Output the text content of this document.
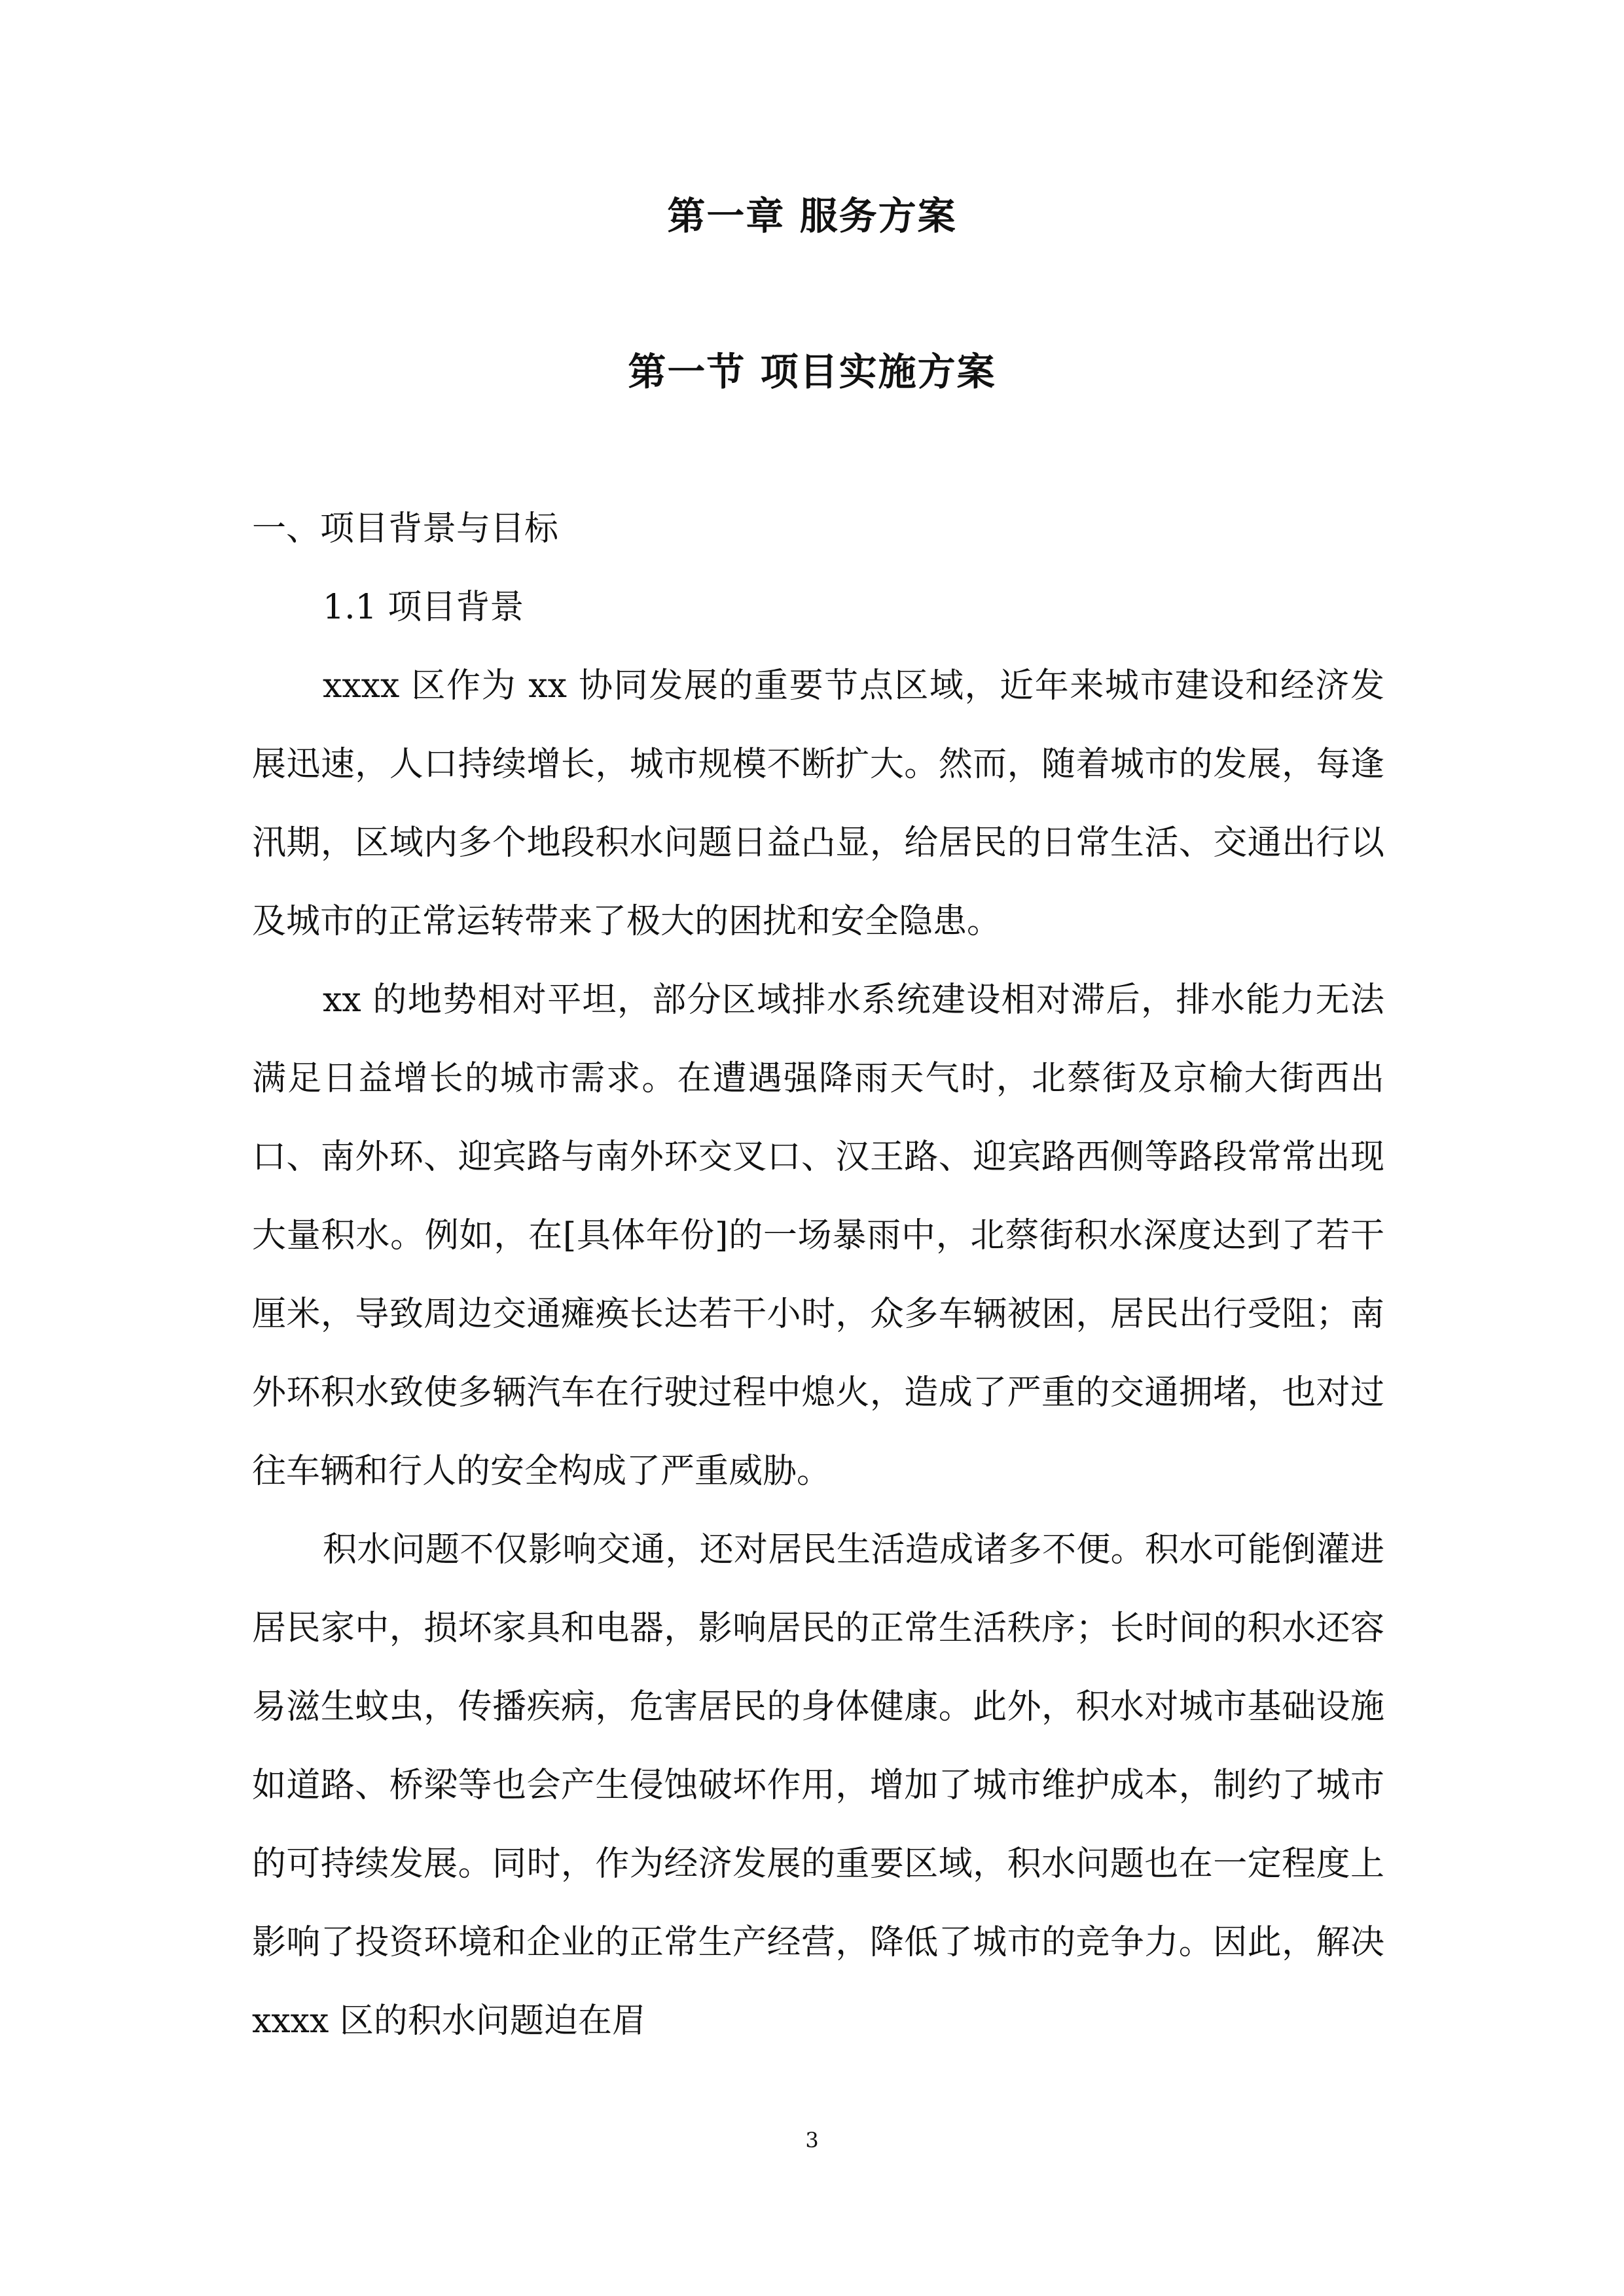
第一章 服务方案
第一节 项目实施方案

一、项目背景与目标

1.1 项目背景

xxxx 区作为 xx 协同发展的重要节点区域，近年来城市建设和经济发展迅速，人口持续增长，城市规模不断扩大。然而，随着城市的发展，每逢汛期，区域内多个地段积水问题日益凸显，给居民的日常生活、交通出行以及城市的正常运转带来了极大的困扰和安全隐患。

xx 的地势相对平坦，部分区域排水系统建设相对滞后，排水能力无法满足日益增长的城市需求。在遭遇强降雨天气时，北蔡街及京榆大街西出口、南外环、迎宾路与南外环交叉口、汉王路、迎宾路西侧等路段常常出现大量积水。例如，在[具体年份]的一场暴雨中，北蔡街积水深度达到了若干厘米，导致周边交通瘫痪长达若干小时，众多车辆被困，居民出行受阻；南外环积水致使多辆汽车在行驶过程中熄火，造成了严重的交通拥堵，也对过往车辆和行人的安全构成了严重威胁。

积水问题不仅影响交通，还对居民生活造成诸多不便。积水可能倒灌进居民家中，损坏家具和电器，影响居民的正常生活秩序；长时间的积水还容易滋生蚊虫，传播疾病，危害居民的身体健康。此外，积水对城市基础设施如道路、桥梁等也会产生侵蚀破坏作用，增加了城市维护成本，制约了城市的可持续发展。同时，作为经济发展的重要区域，积水问题也在一定程度上影响了投资环境和企业的正常生产经营，降低了城市的竞争力。因此，解决 xxxx 区的积水问题迫在眉

3
